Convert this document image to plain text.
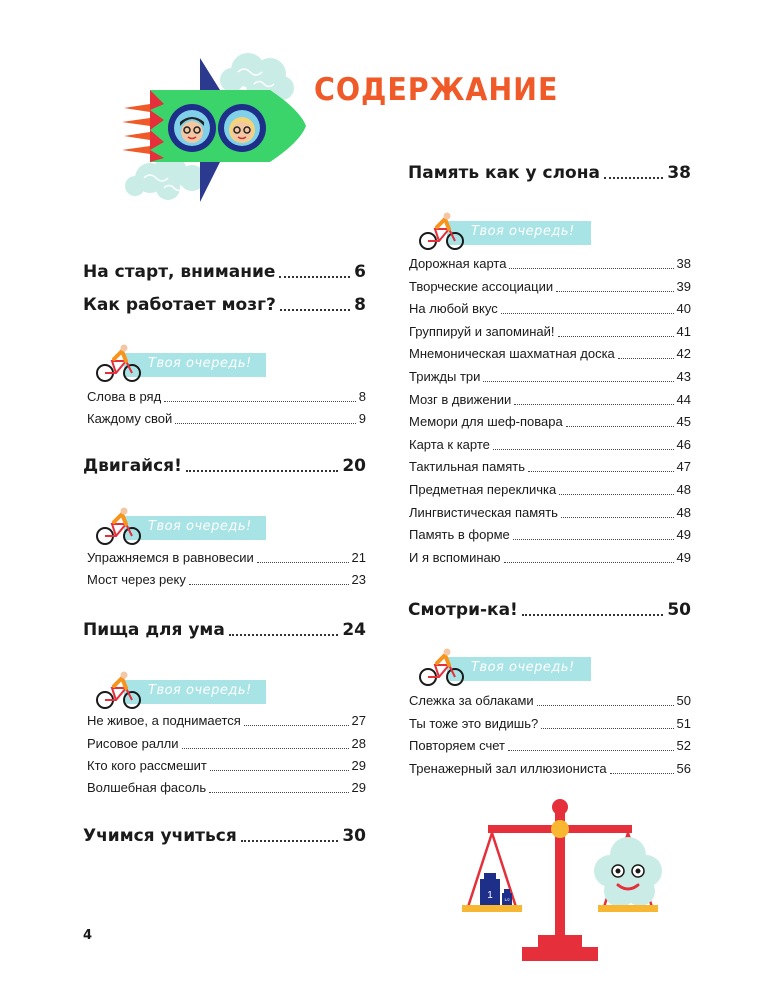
СОДЕРЖАНИЕ
На старт, внимание	6
Как работает мозг?	8
Твоя очередь!
Слова в ряд	8
Каждому свой	9
Двигайся!	20
Твоя очередь!
Упражняемся в равновесии	21
Мост через реку	23
Пища для ума	24
Твоя очередь!
Не живое, а поднимается	27
Рисовое ралли	28
Кто кого рассмешит	29
Волшебная фасоль	29
Учимся учиться	30
Память как у слона	38
Твоя очередь!
Дорожная карта	38
Творческие ассоциации	39
На любой вкус	40
Группируй и запоминай!	41
Мнемоническая шахматная доска	42
Трижды три	43
Мозг в движении	44
Мемори для шеф-повара	45
Карта к карте	46
Тактильная память	47
Предметная перекличка	48
Лингвистическая память	48
Память в форме	49
И я вспоминаю	49
Смотри-ка!	50
Твоя очередь!
Слежка за облаками	50
Ты тоже это видишь?	51
Повторяем счет	52
Тренажерный зал иллюзиониста	56
1	1/2
4
